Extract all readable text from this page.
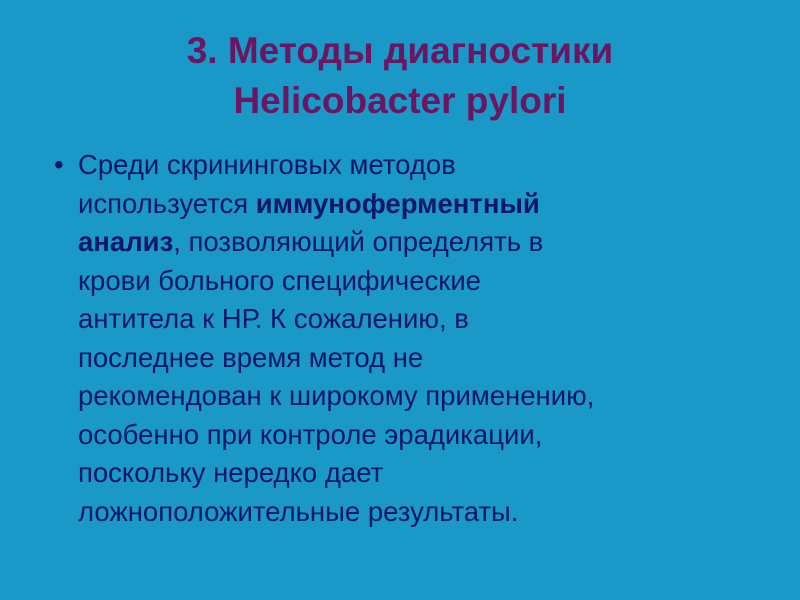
3. Методы диагностики
Helicobacter pylori
• Среди скрининговых методов
используется иммуноферментный
анализ, позволяющий определять в
крови больного специфические
антитела к НР. К сожалению, в
последнее время метод не
рекомендован к широкому применению,
особенно при контроле эрадикации,
поскольку нередко дает
ложноположительные результаты.
